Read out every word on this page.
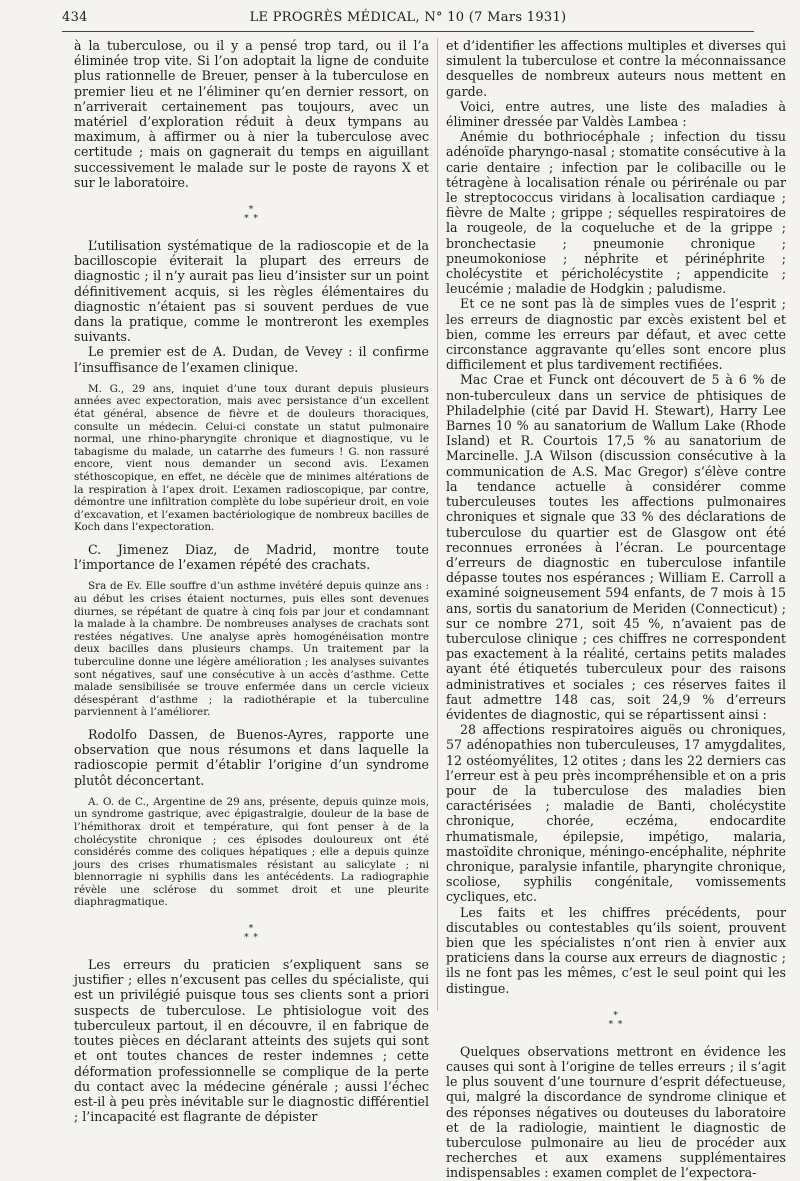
434	LE PROGRÈS MÉDICAL, N° 10 (7 Mars 1931)

à la tuberculose, ou il y a pensé trop tard, ou il l’a éliminée trop vite. Si l’on adoptait la ligne de conduite plus rationnelle de Breuer, penser à la tuberculose en premier lieu et ne l’éliminer qu’en dernier ressort, on n’arriverait certainement pas toujours, avec un matériel d’exploration réduit à deux tympans au maximum, à affirmer ou à nier la tuberculose avec certitude ; mais on gagnerait du temps en aiguillant successivement le malade sur le poste de rayons X et sur le laboratoire.

*
* *

L’utilisation systématique de la radioscopie et de la bacilloscopie éviterait la plupart des erreurs de diagnostic ; il n’y aurait pas lieu d’insister sur un point définitivement acquis, si les règles élémentaires du diagnostic n’étaient pas si souvent perdues de vue dans la pratique, comme le montreront les exemples suivants.

Le premier est de A. Dudan, de Vevey : il confirme l’insuffisance de l’examen clinique.

M. G., 29 ans, inquiet d’une toux durant depuis plusieurs années avec expectoration, mais avec persistance d’un excellent état général, absence de fièvre et de douleurs thoraciques, consulte un médecin. Celui-ci constate un statut pulmonaire normal, une rhino-pharyngite chronique et diagnostique, vu le tabagisme du malade, un catarrhe des fumeurs ! G. non rassuré encore, vient nous demander un second avis. L’examen stéthoscopique, en effet, ne décèle que de minimes altérations de la respiration à l’apex droit. L’examen radioscopique, par contre, démontre une infiltration complète du lobe supérieur droit, en voie d’excavation, et l’examen bactériologique de nombreux bacilles de Koch dans l’expectoration.

C. Jimenez Diaz, de Madrid, montre toute l’importance de l’examen répété des crachats.

Sra de Ev. Elle souffre d’un asthme invétéré depuis quinze ans : au début les crises étaient nocturnes, puis elles sont devenues diurnes, se répétant de quatre à cinq fois par jour et condamnant la malade à la chambre. De nombreuses analyses de crachats sont restées négatives. Une analyse après homogénéisation montre deux bacilles dans plusieurs champs. Un traitement par la tuberculine donne une légère amélioration ; les analyses suivantes sont négatives, sauf une consécutive à un accès d’asthme. Cette malade sensibilisée se trouve enfermée dans un cercle vicieux désespérant d’asthme ; la radiothérapie et la tuberculine parviennent à l’améliorer.

Rodolfo Dassen, de Buenos-Ayres, rapporte une observation que nous résumons et dans laquelle la radioscopie permit d’établir l’origine d’un syndrome plutôt déconcertant.

A. O. de C., Argentine de 29 ans, présente, depuis quinze mois, un syndrome gastrique, avec épigastralgie, douleur de la base de l’hémithorax droit et température, qui font penser à de la cholécystite chronique ; ces épisodes douloureux ont été considérés comme des coliques hépatiques ; elle a depuis quinze jours des crises rhumatismales résistant au salicylate ; ni blennorragie ni syphilis dans les antécédents. La radiographie révèle une sclérose du sommet droit et une pleurite diaphragmatique.

*
* *

Les erreurs du praticien s’expliquent sans se justifier ; elles n’excusent pas celles du spécialiste, qui est un privilégié puisque tous ses clients sont a priori suspects de tuberculose. Le phtisiologue voit des tuberculeux partout, il en découvre, il en fabrique de toutes pièces en déclarant atteints des sujets qui sont et ont toutes chances de rester indemnes ; cette déformation professionnelle se complique de la perte du contact avec la médecine générale ; aussi l’échec est-il à peu près inévitable sur le diagnostic différentiel ; l’incapacité est flagrante de dépister

et d’identifier les affections multiples et diverses qui simulent la tuberculose et contre la méconnaissance desquelles de nombreux auteurs nous mettent en garde.

Voici, entre autres, une liste des maladies à éliminer dressée par Valdès Lambea :

Anémie du bothriocéphale ; infection du tissu adénoïde pharyngo-nasal ; stomatite consécutive à la carie dentaire ; infection par le colibacille ou le tétragène à localisation rénale ou périrénale ou par le streptococcus viridans à localisation cardiaque ; fièvre de Malte ; grippe ; séquelles respiratoires de la rougeole, de la coqueluche et de la grippe ; bronchectasie ; pneumonie chronique ; pneumokoniose ; néphrite et périnéphrite ; cholécystite et péricholécystite ; appendicite ; leucémie ; maladie de Hodgkin ; paludisme.

Et ce ne sont pas là de simples vues de l’esprit ; les erreurs de diagnostic par excès existent bel et bien, comme les erreurs par défaut, et avec cette circonstance aggravante qu’elles sont encore plus difficilement et plus tardivement rectifiées.

Mac Crae et Funck ont découvert de 5 à 6 % de non-tuberculeux dans un service de phtisiques de Philadelphie (cité par David H. Stewart), Harry Lee Barnes 10 % au sanatorium de Wallum Lake (Rhode Island) et R. Courtois 17,5 % au sanatorium de Marcinelle. J.A Wilson (discussion consécutive à la communication de A.S. Mac Gregor) s’élève contre la tendance actuelle à considérer comme tuberculeuses toutes les affections pulmonaires chroniques et signale que 33 % des déclarations de tuberculose du quartier est de Glasgow ont été reconnues erronées à l’écran. Le pourcentage d’erreurs de diagnostic en tuberculose infantile dépasse toutes nos espérances ; William E. Carroll a examiné soigneusement 594 enfants, de 7 mois à 15 ans, sortis du sanatorium de Meriden (Connecticut) ; sur ce nombre 271, soit 45 %, n’avaient pas de tuberculose clinique ; ces chiffres ne correspondent pas exactement à la réalité, certains petits malades ayant été étiquetés tuberculeux pour des raisons administratives et sociales ; ces réserves faites il faut admettre 148 cas, soit 24,9 % d’erreurs évidentes de diagnostic, qui se répartissent ainsi :

28 affections respiratoires aiguës ou chroniques, 57 adénopathies non tuberculeuses, 17 amygdalites, 12 ostéomyélites, 12 otites ; dans les 22 derniers cas l’erreur est à peu près incompréhensible et on a pris pour de la tuberculose des maladies bien caractérisées ; maladie de Banti, cholécystite chronique, chorée, eczéma, endocardite rhumatismale, épilepsie, impétigo, malaria, mastoïdite chronique, méningo-encéphalite, néphrite chronique, paralysie infantile, pharyngite chronique, scoliose, syphilis congénitale, vomissements cycliques, etc.

Les faits et les chiffres précédents, pour discutables ou contestables qu’ils soient, prouvent bien que les spécialistes n’ont rien à envier aux praticiens dans la course aux erreurs de diagnostic ; ils ne font pas les mêmes, c’est le seul point qui les distingue.

*
* *

Quelques observations mettront en évidence les causes qui sont à l’origine de telles erreurs ; il s’agit le plus souvent d’une tournure d’esprit défectueuse, qui, malgré la discordance de syndrome clinique et des réponses négatives ou douteuses du laboratoire et de la radiologie, maintient le diagnostic de tuberculose pulmonaire au lieu de procéder aux recherches et aux examens supplémentaires indispensables : examen complet de l’expectora-
